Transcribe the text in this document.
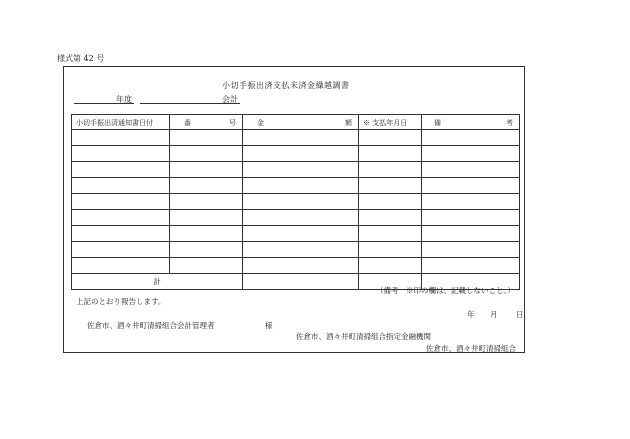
様式第 42 号
小切手振出済支払未済金繰越調書
年度	会計
小切手振出済通知書日付	番 号	金 額	※ 支払年月日	備 考

計				
（備考　※印の欄は、記載しないこと。）
上記のとおり報告します。
年 月 日
佐倉市、酒々井町清掃組合会計管理者	様
佐倉市、酒々井町清掃組合指定金融機関
佐倉市、酒々井町清掃組合
